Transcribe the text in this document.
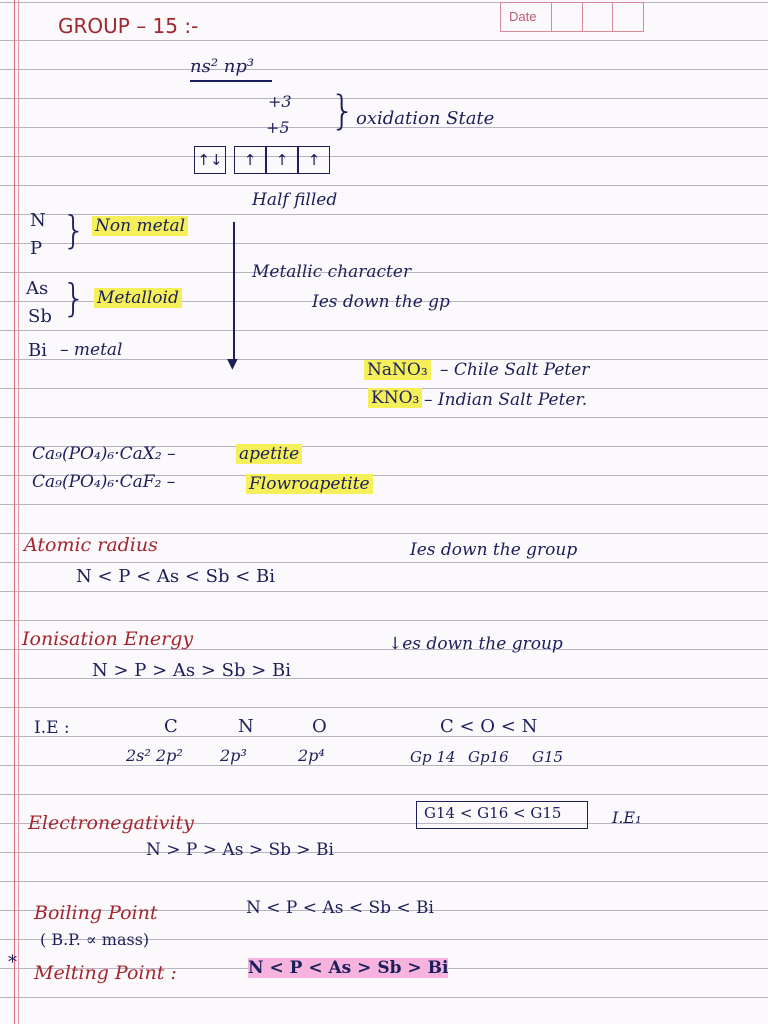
Date
GROUP – 15 :-
ns² np³
+3
+5 } oxidation State
↑↓	↑	↑	↑
Half filled
N
P } Non metal
As
Sb } Metalloid
Bi – metal
▼
Metallic character
Ies down the gp
NaNO₃ – Chile Salt Peter
KNO₃ – Indian Salt Peter.
Ca₉(PO₄)₆·CaX₂ –	apetite
Ca₉(PO₄)₆·CaF₂ –	Flowroapetite
Atomic radius	Ies down the group
N < P < As < Sb < Bi
Ionisation Energy	↓es down the group
N > P > As > Sb > Bi
I.E :	C	N	O
2s² 2p² 2p³	2p⁴
C < O < N
Gp 14 Gp16 G15
G14 < G16 < G15	I.E₁
Electronegativity
N > P > As > Sb > Bi
Boiling Point	N < P < As < Sb < Bi
( B.P. ∝ mass)
* Melting Point :	N < P < As > Sb > Bi
